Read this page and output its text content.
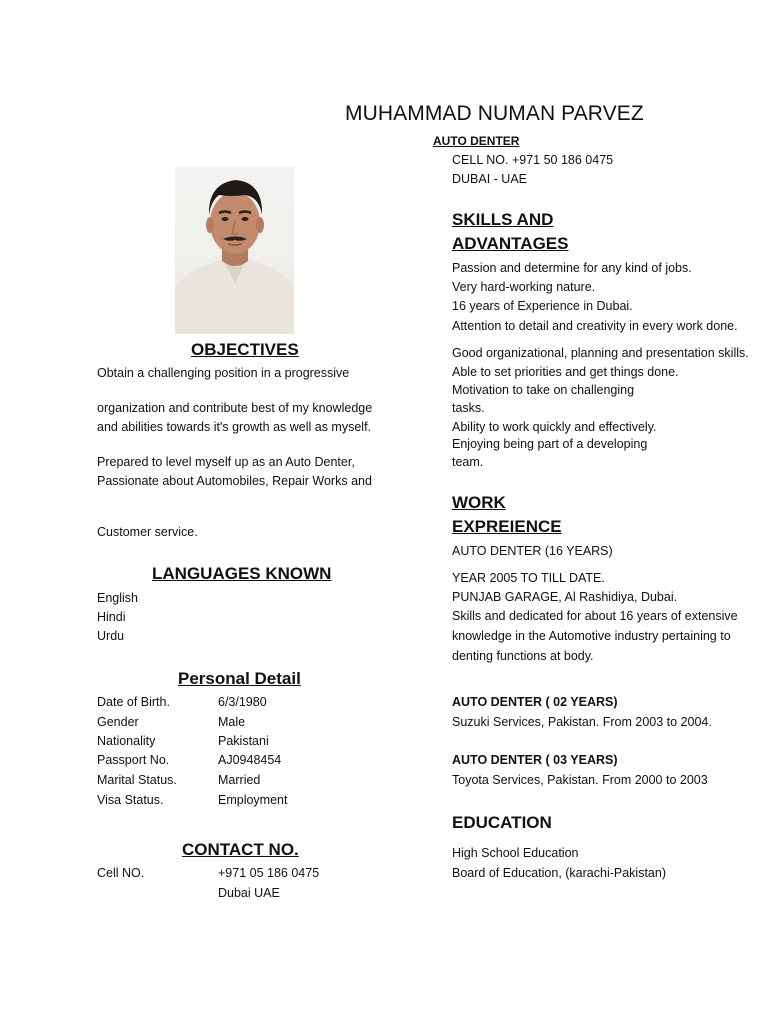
MUHAMMAD NUMAN PARVEZ
AUTO DENTER
CELL NO. +971 50 186 0475
DUBAI - UAE
OBJECTIVES
Obtain a challenging position in a progressive
organization and contribute best of my knowledge
and abilities towards it's growth as well as myself.
Prepared to level myself up as an Auto Denter,
Passionate about Automobiles, Repair Works and
Customer service.
LANGUAGES KNOWN
English
Hindi
Urdu
Personal Detail
Date of Birth.	6/3/1980
Gender	Male
Nationality	Pakistani
Passport No.	AJ0948454
Marital Status.	Married
Visa Status.	Employment
CONTACT NO.
Cell NO.	+971 05 186 0475
Dubai UAE
SKILLS AND
ADVANTAGES
Passion and determine for any kind of jobs.
Very hard-working nature.
16 years of Experience in Dubai.
Attention to detail and creativity in every work done.
Good organizational, planning and presentation skills.
Able to set priorities and get things done.
Motivation to take on challenging
tasks.
Ability to work quickly and effectively.
Enjoying being part of a developing
team.
WORK
EXPREIENCE
AUTO DENTER (16 YEARS)
YEAR 2005 TO TILL DATE.
PUNJAB GARAGE, Al Rashidiya, Dubai.
Skills and dedicated for about 16 years of extensive
knowledge in the Automotive industry pertaining to
denting functions at body.
AUTO DENTER ( 02 YEARS)
Suzuki Services, Pakistan. From 2003 to 2004.
AUTO DENTER ( 03 YEARS)
Toyota Services, Pakistan. From 2000 to 2003
EDUCATION
High School Education
Board of Education, (karachi-Pakistan)
